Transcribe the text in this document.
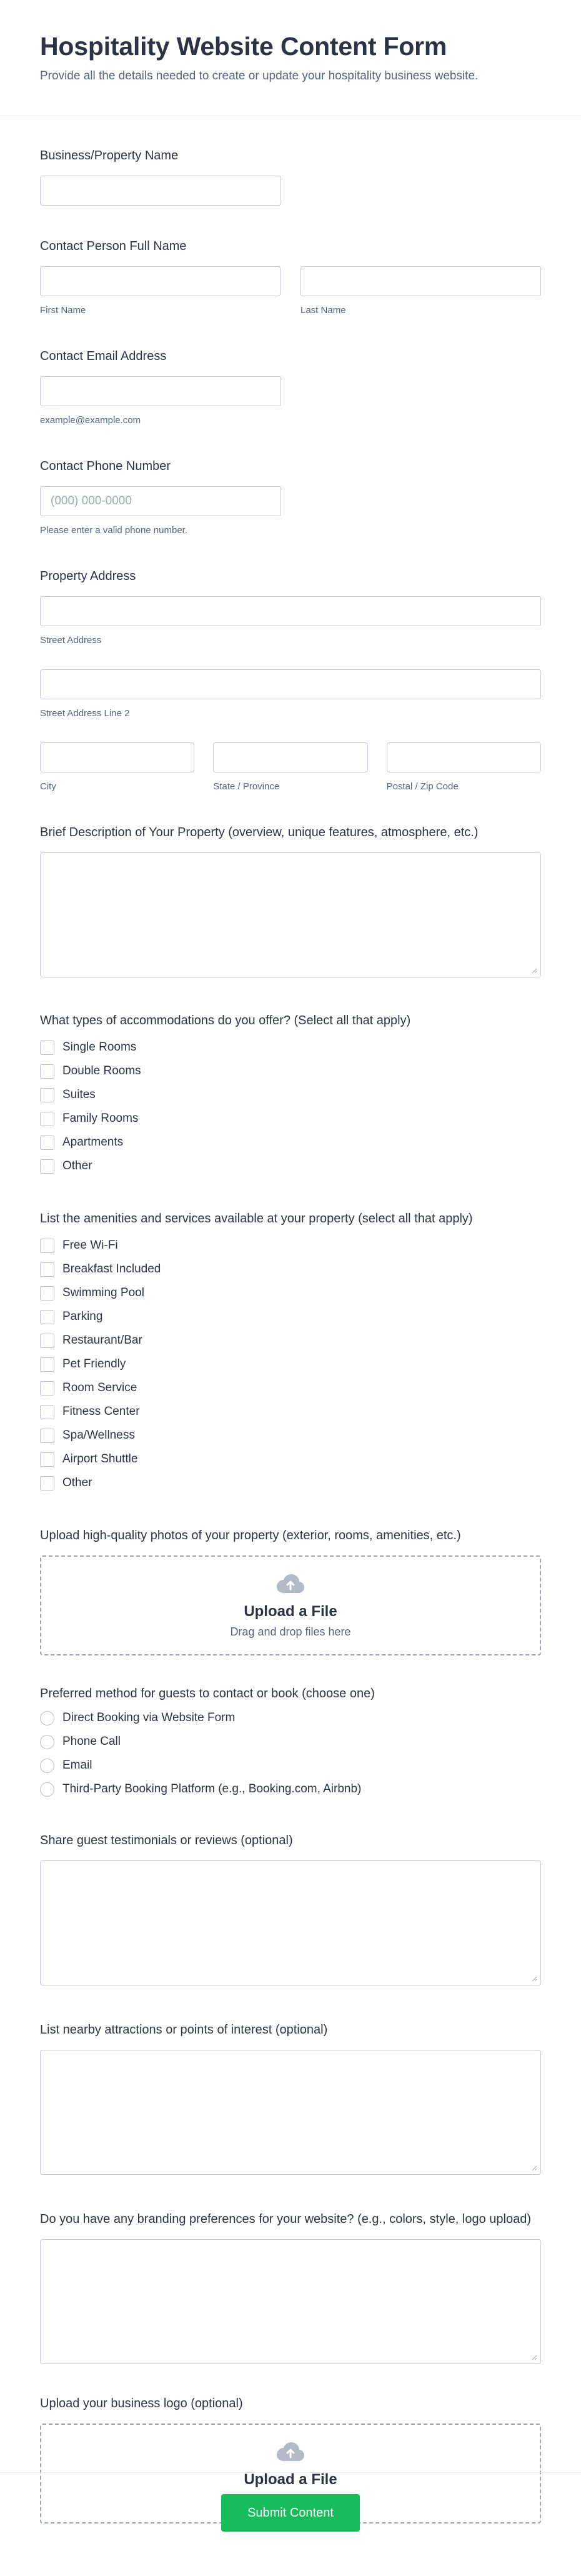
Hospitality Website Content Form

Provide all the details needed to create or update your hospitality business website.

Business/Property Name
Contact Person Full Name
First Name	Last Name
Contact Email Address
example@example.com
Contact Phone Number
(000) 000-0000
Please enter a valid phone number.
Property Address
Street Address
Street Address Line 2
City	State / Province	Postal / Zip Code
Brief Description of Your Property (overview, unique features, atmosphere, etc.)
What types of accommodations do you offer? (Select all that apply)
Single Rooms
Double Rooms
Suites
Family Rooms
Apartments
Other
List the amenities and services available at your property (select all that apply)
Free Wi-Fi
Breakfast Included
Swimming Pool
Parking
Restaurant/Bar
Pet Friendly
Room Service
Fitness Center
Spa/Wellness
Airport Shuttle
Other
Upload high-quality photos of your property (exterior, rooms, amenities, etc.)
Upload a File
Drag and drop files here
Preferred method for guests to contact or book (choose one)
Direct Booking via Website Form
Phone Call
Email
Third-Party Booking Platform (e.g., Booking.com, Airbnb)
Share guest testimonials or reviews (optional)
List nearby attractions or points of interest (optional)
Do you have any branding preferences for your website? (e.g., colors, style, logo upload)
Upload your business logo (optional)
Upload a File
Submit Content
